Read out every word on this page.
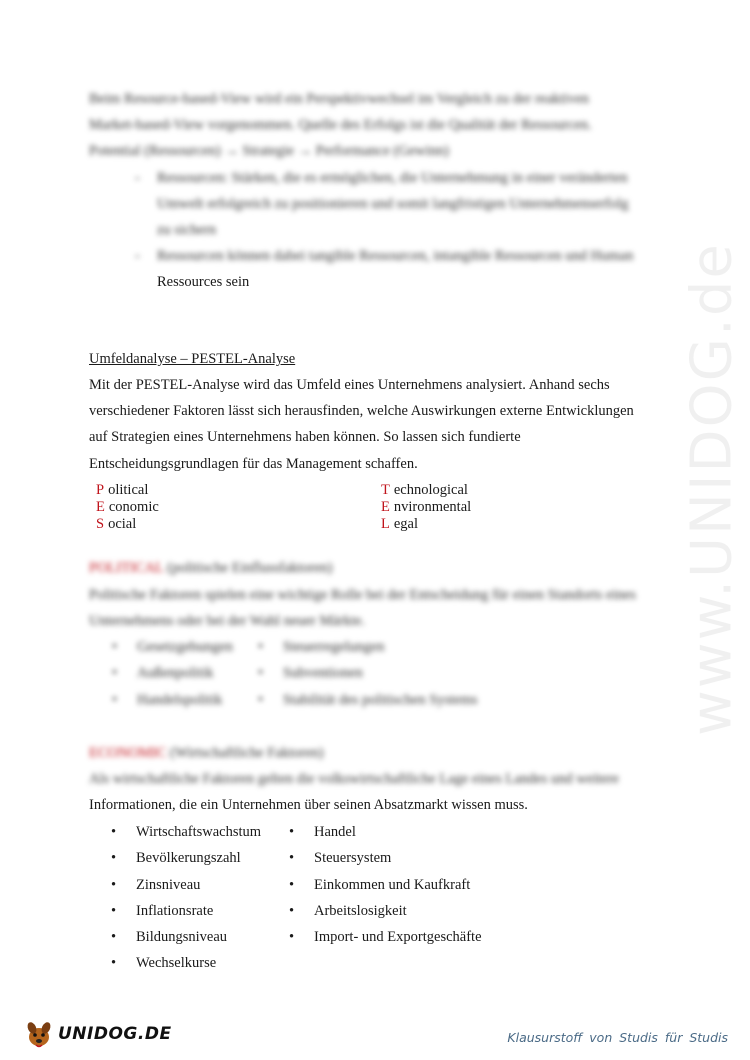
Beim Resource-based-View wird ein Perspektivwechsel im Vergleich zu der reaktiven

Market-based-View vorgenommen. Quelle des Erfolgs ist die Qualität der Ressourcen.

Potential (Ressourcen) → Strategie → Performance (Gewinn)

- Ressourcen: Stärken, die es ermöglichen, die Unternehmung in einer veränderten
Umwelt erfolgreich zu positionieren und somit langfristigen Unternehmenserfolg
zu sichern
- Ressourcen können dabei tangible Ressourcen, intangible Ressourcen und Human
Ressources sein
Umfeldanalyse – PESTEL-Analyse

Mit der PESTEL-Analyse wird das Umfeld eines Unternehmens analysiert. Anhand sechs

verschiedener Faktoren lässt sich herausfinden, welche Auswirkungen externe Entwicklungen

auf Strategien eines Unternehmens haben können. So lassen sich fundierte

Entscheidungsgrundlagen für das Management schaffen.

P olitical
E conomic
S ocial
T echnological
E nvironmental
L egal

POLITICAL (politische Einflussfaktoren)

Politische Faktoren spielen eine wichtige Rolle bei der Entscheidung für einen Standorts eines

Unternehmens oder bei der Wahl neuer Märkte.

• Gesetzgebungen
• Außenpolitik
• Handelspolitik
• Steuerregelungen
• Subventionen
• Stabilität des politischen Systems

ECONOMIC (Wirtschaftliche Faktoren)

Als wirtschaftliche Faktoren gelten die volkswirtschaftliche Lage eines Landes und weitere

Informationen, die ein Unternehmen über seinen Absatzmarkt wissen muss.

• Wirtschaftswachstum
• Bevölkerungszahl
• Zinsniveau
• Inflationsrate
• Bildungsniveau
• Wechselkurse
• Handel
• Steuersystem
• Einkommen und Kaufkraft
• Arbeitslosigkeit
• Import- und Exportgeschäfte
www.UNIDOG.de
UNIDOG.DE	Klausurstoff von Studis für Studis
